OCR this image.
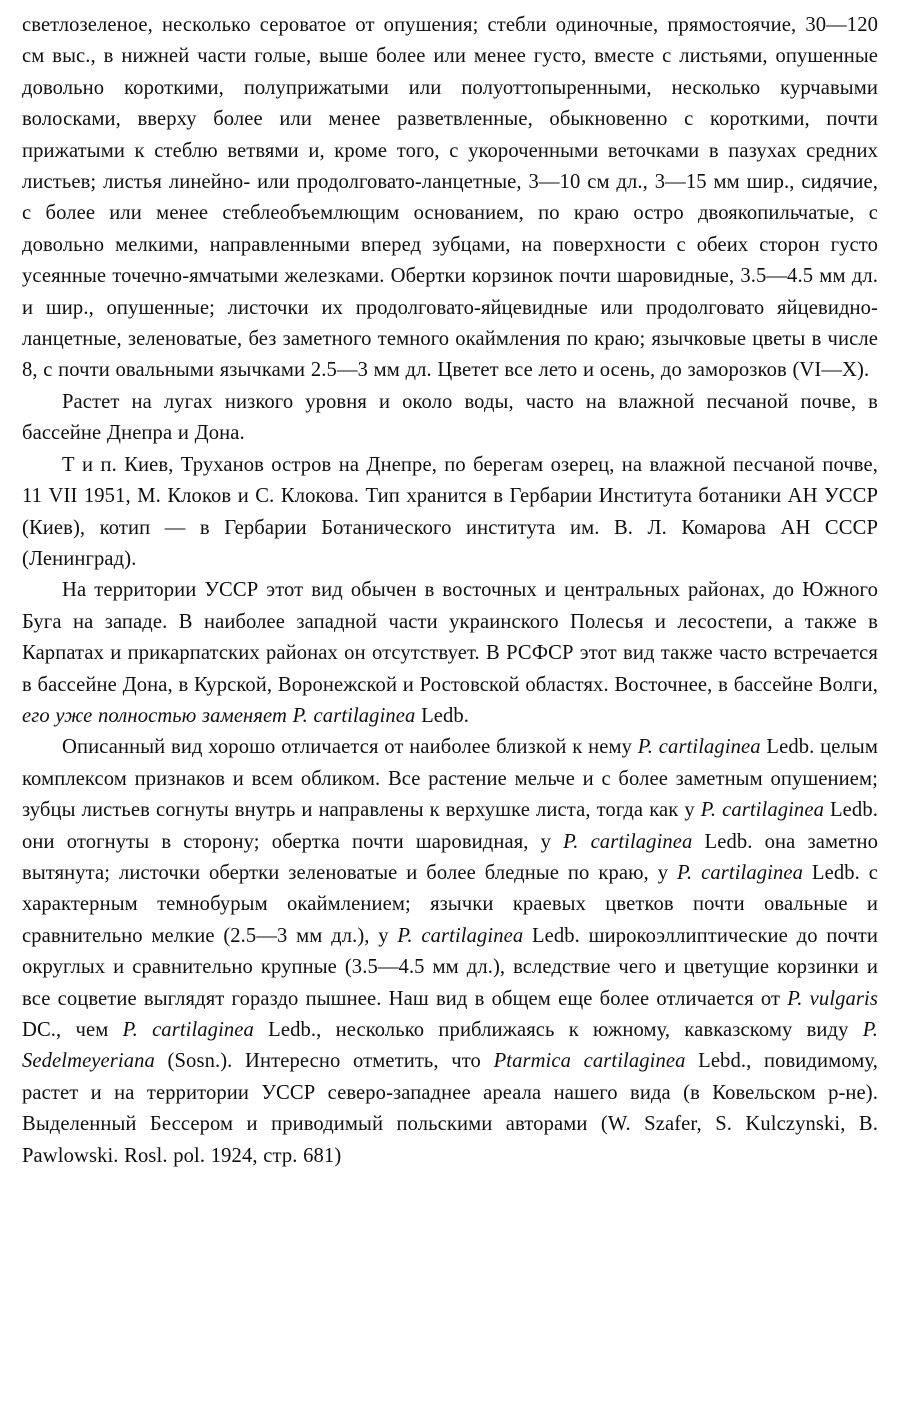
светлозеленое, несколько сероватое от опушения; стебли одиночные, прямостоячие, 30—120 см выс., в нижней части голые, выше более или менее густо, вместе с листьями, опушенные довольно короткими, полуприжатыми или полуоттопыренными, несколько курчавыми волосками, вверху более или менее разветвленные, обыкновенно с короткими, почти прижатыми к стеблю ветвями и, кроме того, с укороченными веточками в пазухах средних листьев; листья линейно- или продолговато-ланцетные, 3—10 см дл., 3—15 мм шир., сидячие, с более или менее стеблеобъемлющим основанием, по краю остро двоякопильчатые, с довольно мелкими, направленными вперед зубцами, на поверхности с обеих сторон густо усеянные точечно-ямчатыми железками. Обертки корзинок почти шаровидные, 3.5—4.5 мм дл. и шир., опушенные; листочки их продолговато-яйцевидные или продолговато яйцевидно-ланцетные, зеленоватые, без заметного темного окаймления по краю; язычковые цветы в числе 8, с почти овальными язычками 2.5—3 мм дл. Цветет все лето и осень, до заморозков (VI—X).

Растет на лугах низкого уровня и около воды, часто на влажной песчаной почве, в бассейне Днепра и Дона.

Т и п. Киев, Труханов остров на Днепре, по берегам озерец, на влажной песчаной почве, 11 VII 1951, М. Клоков и С. Клокова. Тип хранится в Гербарии Института ботаники АН УССР (Киев), котип — в Гербарии Ботанического института им. В. Л. Комарова АН СССР (Ленинград).

На территории УССР этот вид обычен в восточных и центральных районах, до Южного Буга на западе. В наиболее западной части украинского Полесья и лесостепи, а также в Карпатах и прикарпатских районах он отсутствует. В РСФСР этот вид также часто встречается в бассейне Дона, в Курской, Воронежской и Ростовской областях. Восточнее, в бассейне Волги, его уже полностью заменяет P. cartilaginea Ledb.

Описанный вид хорошо отличается от наиболее близкой к нему P. cartilaginea Ledb. целым комплексом признаков и всем обликом. Все растение мельче и с более заметным опушением; зубцы листьев согнуты внутрь и направлены к верхушке листа, тогда как у P. cartilaginea Ledb. они отогнуты в сторону; обертка почти шаровидная, у P. cartilaginea Ledb. она заметно вытянута; листочки обертки зеленоватые и более бледные по краю, у P. cartilaginea Ledb. с характерным темнобурым окаймлением; язычки краевых цветков почти овальные и сравнительно мелкие (2.5—3 мм дл.), у P. cartilaginea Ledb. широкоэллиптические до почти округлых и сравнительно крупные (3.5—4.5 мм дл.), вследствие чего и цветущие корзинки и все соцветие выглядят гораздо пышнее. Наш вид в общем еще более отличается от P. vulgaris DC., чем P. cartilaginea Ledb., несколько приближаясь к южному, кавказскому виду P. Sedelmeyeriana (Sosn.). Интересно отметить, что Ptarmica cartilaginea Lebd., повидимому, растет и на территории УССР северо-западнее ареала нашего вида (в Ковельском р-не). Выделенный Бессером и приводимый польскими авторами (W. Szafer, S. Kulczynski, B. Pawlowski. Rosl. pol. 1924, стр. 681)
